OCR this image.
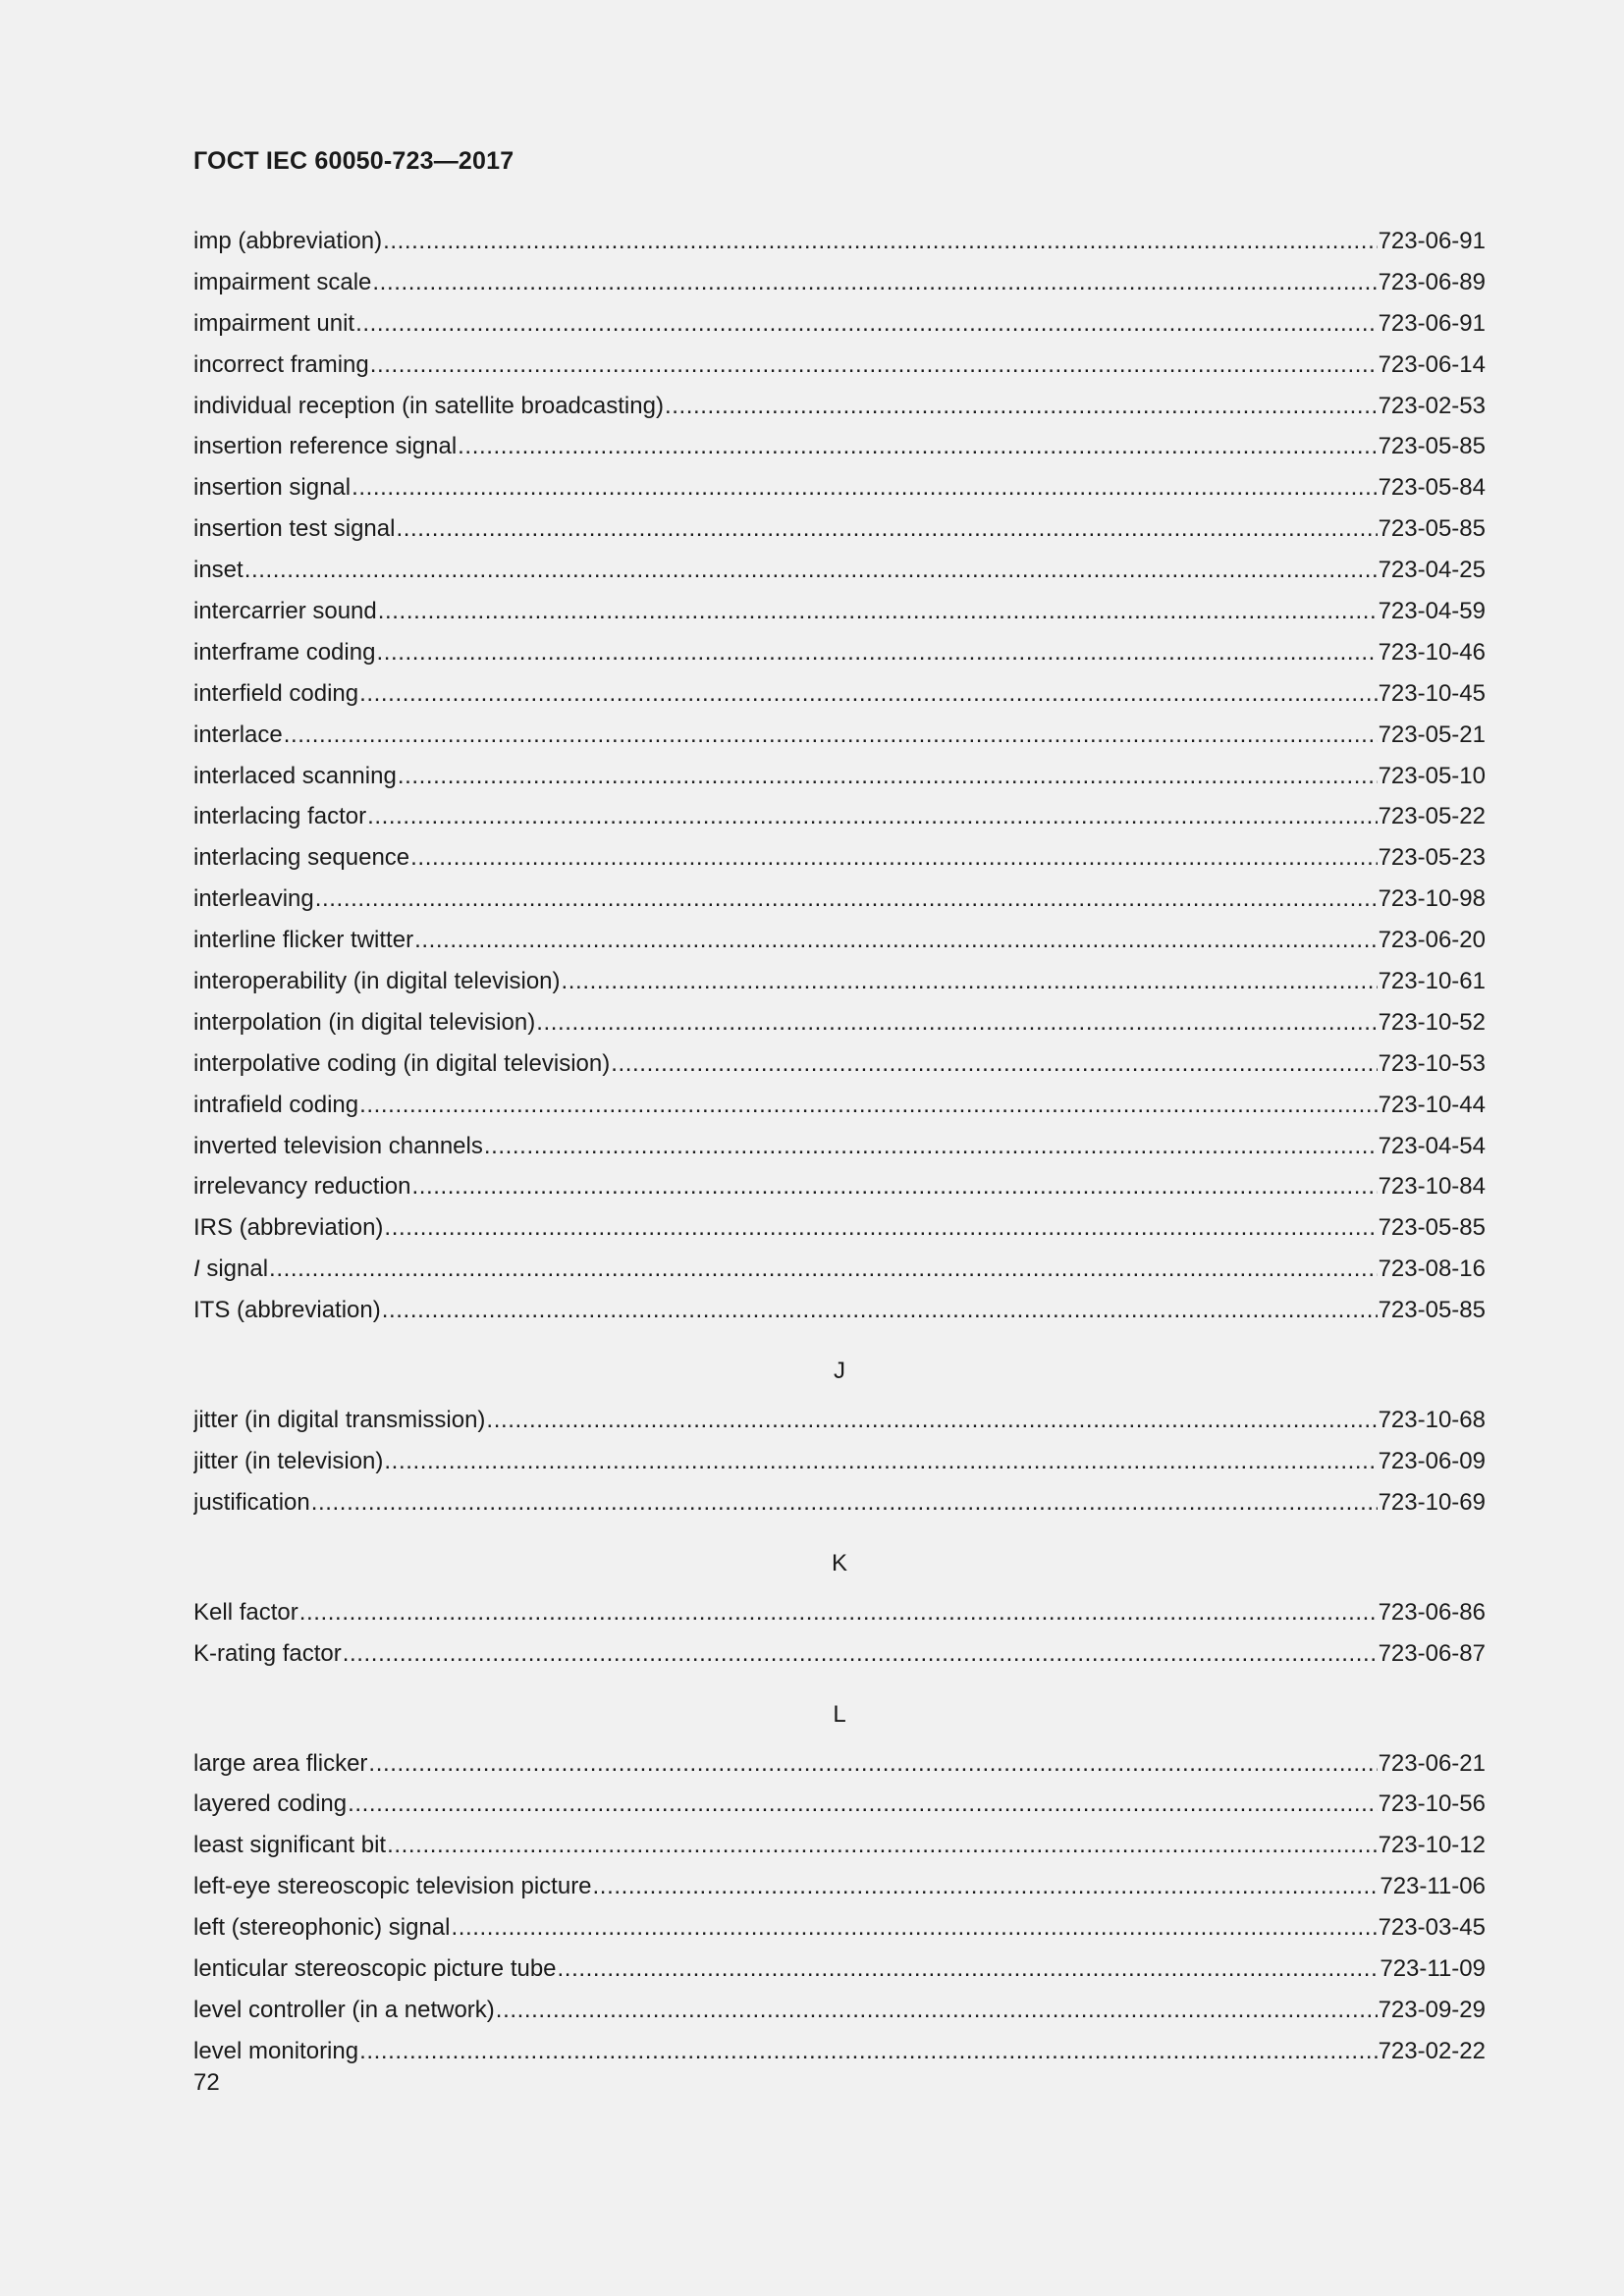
ГОСТ IEC 60050-723—2017
imp (abbreviation) .....	723-06-91
impairment scale .....	723-06-89
impairment unit .....	723-06-91
incorrect framing .....	723-06-14
individual reception (in satellite broadcasting) .....	723-02-53
insertion reference signal .....	723-05-85
insertion signal .....	723-05-84
insertion test signal .....	723-05-85
inset .....	723-04-25
intercarrier sound .....	723-04-59
interframe coding .....	723-10-46
interfield coding .....	723-10-45
interlace .....	723-05-21
interlaced scanning .....	723-05-10
interlacing factor .....	723-05-22
interlacing sequence .....	723-05-23
interleaving .....	723-10-98
interline flicker twitter .....	723-06-20
interoperability (in digital television) .....	723-10-61
interpolation (in digital television) .....	723-10-52
interpolative coding (in digital television) .....	723-10-53
intrafield coding .....	723-10-44
inverted television channels .....	723-04-54
irrelevancy reduction .....	723-10-84
IRS (abbreviation) .....	723-05-85
I signal .....	723-08-16
ITS (abbreviation) .....	723-05-85
J
jitter (in digital transmission) .....	723-10-68
jitter (in television) .....	723-06-09
justification .....	723-10-69
K
Kell factor .....	723-06-86
K-rating factor .....	723-06-87
L
large area flicker .....	723-06-21
layered coding .....	723-10-56
least significant bit .....	723-10-12
left-eye stereoscopic television picture .....	723-11-06
left (stereophonic) signal .....	723-03-45
lenticular stereoscopic picture tube .....	723-11-09
level controller (in a network) .....	723-09-29
level monitoring .....	723-02-22
72
